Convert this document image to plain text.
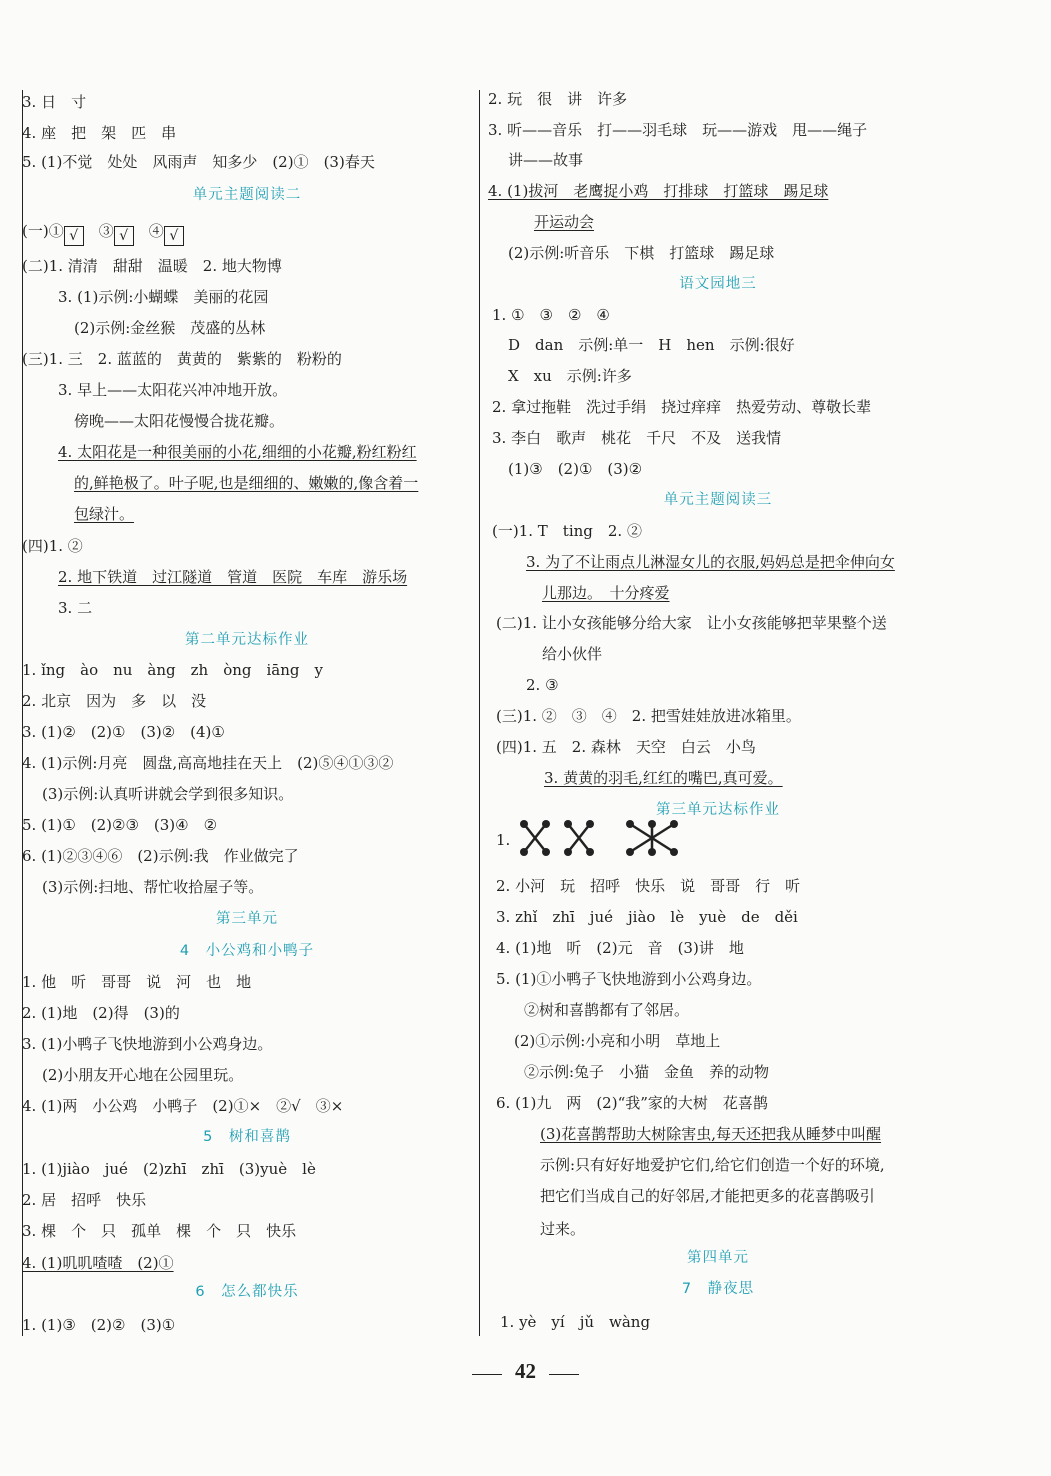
3. 日　寸
4. 座　把　架　匹　串
5. (1)不觉　处处　风雨声　知多少　(2)①　(3)春天
单元主题阅读二
(一)① √　 ③ √　 ④ √
(二)1. 清清　甜甜　温暖　2. 地大物博
3. (1)示例:小蝴蝶　美丽的花园
(2)示例:金丝猴　茂盛的丛林
(三)1. 三　2. 蓝蓝的　黄黄的　紫紫的　粉粉的
3. 早上——太阳花兴冲冲地开放。
傍晚——太阳花慢慢合拢花瓣。
4. 太阳花是一种很美丽的小花,细细的小花瓣,粉红粉红
的,鲜艳极了。叶子呢,也是细细的、嫩嫩的,像含着一
包绿汁。
(四)1. ②
2. 地下铁道　过江隧道　管道　医院　车库　游乐场
3. 二
第二单元达标作业
1. ǐng　ào　nu　àng　zh　òng　iāng　y
2. 北京　因为　多　以　没
3. (1)②　(2)①　(3)②　(4)①
4. (1)示例:月亮　圆盘,高高地挂在天上　(2)⑤④①③②
(3)示例:认真听讲就会学到很多知识。
5. (1)①　(2)②③　(3)④　②
6. (1)②③④⑥　(2)示例:我　作业做完了
(3)示例:扫地、帮忙收拾屋子等。
第三单元
4　小公鸡和小鸭子
1. 他　听　哥哥　说　河　也　地
2. (1)地　(2)得　(3)的
3. (1)小鸭子飞快地游到小公鸡身边。
(2)小朋友开心地在公园里玩。
4. (1)两　小公鸡　小鸭子　(2)①×　②√　③×
5　树和喜鹊
1. (1)jiào　jué　(2)zhī　zhī　(3)yuè　lè
2. 居　招呼　快乐
3. 棵　个　只　孤单　棵　个　只　快乐
4. (1)叽叽喳喳　(2)①
6　怎么都快乐
1. (1)③　(2)②　(3)①
2. 玩　很　讲　许多
3. 听——音乐　打——羽毛球　玩——游戏　甩——绳子
讲——故事
4. (1)拔河　老鹰捉小鸡　打排球　打篮球　踢足球
开运动会
(2)示例:听音乐　下棋　打篮球　踢足球
语文园地三
1. ①　③　②　④
D　dan　示例:单一　H　hen　示例:很好
X　xu　示例:许多
2. 拿过拖鞋　洗过手绢　挠过痒痒　热爱劳动、尊敬长辈
3. 李白　歌声　桃花　千尺　不及　送我情
(1)③　(2)①　(3)②
单元主题阅读三
(一)1. T　ting　2. ②
3. 为了不让雨点儿淋湿女儿的衣服,妈妈总是把伞伸向女
儿那边。　十分疼爱
(二)1. 让小女孩能够分给大家　让小女孩能够把苹果整个送
给小伙伴
2. ③
(三)1. ②　③　④　2. 把雪娃娃放进冰箱里。
(四)1. 五　2. 森林　天空　白云　小鸟
3. 黄黄的羽毛,红红的嘴巴,真可爱。
第三单元达标作业
1.
2. 小河　玩　招呼　快乐　说　哥哥　行　听
3. zhǐ　zhī　jué　jiào　lè　yuè　de　děi
4. (1)地　听　(2)元　音　(3)讲　地
5. (1)①小鸭子飞快地游到小公鸡身边。
②树和喜鹊都有了邻居。
(2)①示例:小亮和小明　草地上
②示例:兔子　小猫　金鱼　养的动物
6. (1)九　两　(2)“我”家的大树　花喜鹊
(3)花喜鹊帮助大树除害虫,每天还把我从睡梦中叫醒
示例:只有好好地爱护它们,给它们创造一个好的环境,
把它们当成自己的好邻居,才能把更多的花喜鹊吸引
过来。
第四单元
7　静夜思
1. yè　yí　jǔ　wàng
42
